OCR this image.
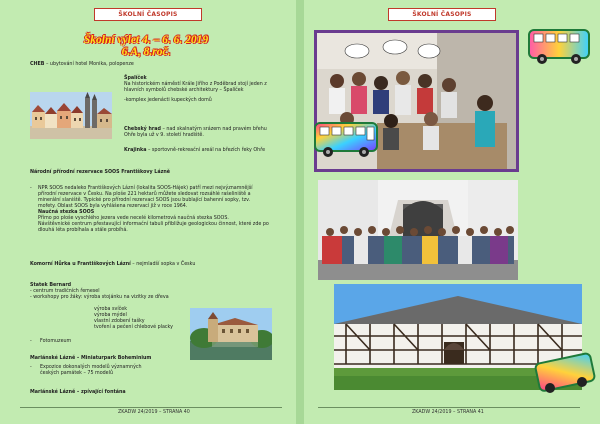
ŠKOLNÍ ČASOPIS
Školní výlet 4. – 6. 6. 2019
6.A, 8.roč.
CHEB – ubytování hotel Monika, polopenze
Špalíček
Na historickém náměstí Krále Jiřího z Poděbrad stojí jeden z
hlavních symbolů chebské architektury – Špalíček
-komplex jedenácti kupeckých domů
Chebský hrad – nad skalnatým srázem nad pravém břehu
Ohře byla už v 9. století hradiště.
Krajinka – sportovně-rekreační areál na březích řeky Ohře
Národní přírodní rezervace SOOS Františkovy Lázně
- NPR SOOS nedaleko Františkových Lázní (lokalita SOOS-Hájek) patří mezi nejvýznamnější
přírodní rezervace v Česku. Na ploše 221 hektarů můžete sledovat rozsáhlé rašeliniště a
minerální slaniště. Typické pro přírodní rezervaci SOOS jsou bublající bahenní sopky, tzv.
mofety. Oblast SOOS byla vyhlášena rezervací již v roce 1964.
Naučná stezka SOOS
Přímo po ploše vyschlého jezera vede necelé kilometrová naučná stezka SOOS.
Návštěvnické centrum přestavující informační tabuli přibližuje geologickou činnost, které zde po
dlouhá léta probíhala a stále probíhá.
Komorní Hůrka u Františkových Lázní – nejmladší sopka v Česku
Statek Bernard
- centrum tradičních řemesel
- workshopy pro žáky: výroba stojánku na vizitky ze dřeva
výroba svíček
výroba mýdel
vlastní zdobení tašky
tvoření a pečení chlebové placky
- Fotomuzeum
Mariánské Lázně – Miniaturpark Boheminium
- Expozice dokonalých modelů významných
českých památek – 75 modelů
Mariánské Lázně – zpívající fontána
ZKADW 24/2019 – STRANA 40
ŠKOLNÍ ČASOPIS
ZKADW 24/2019 – STRANA 41
